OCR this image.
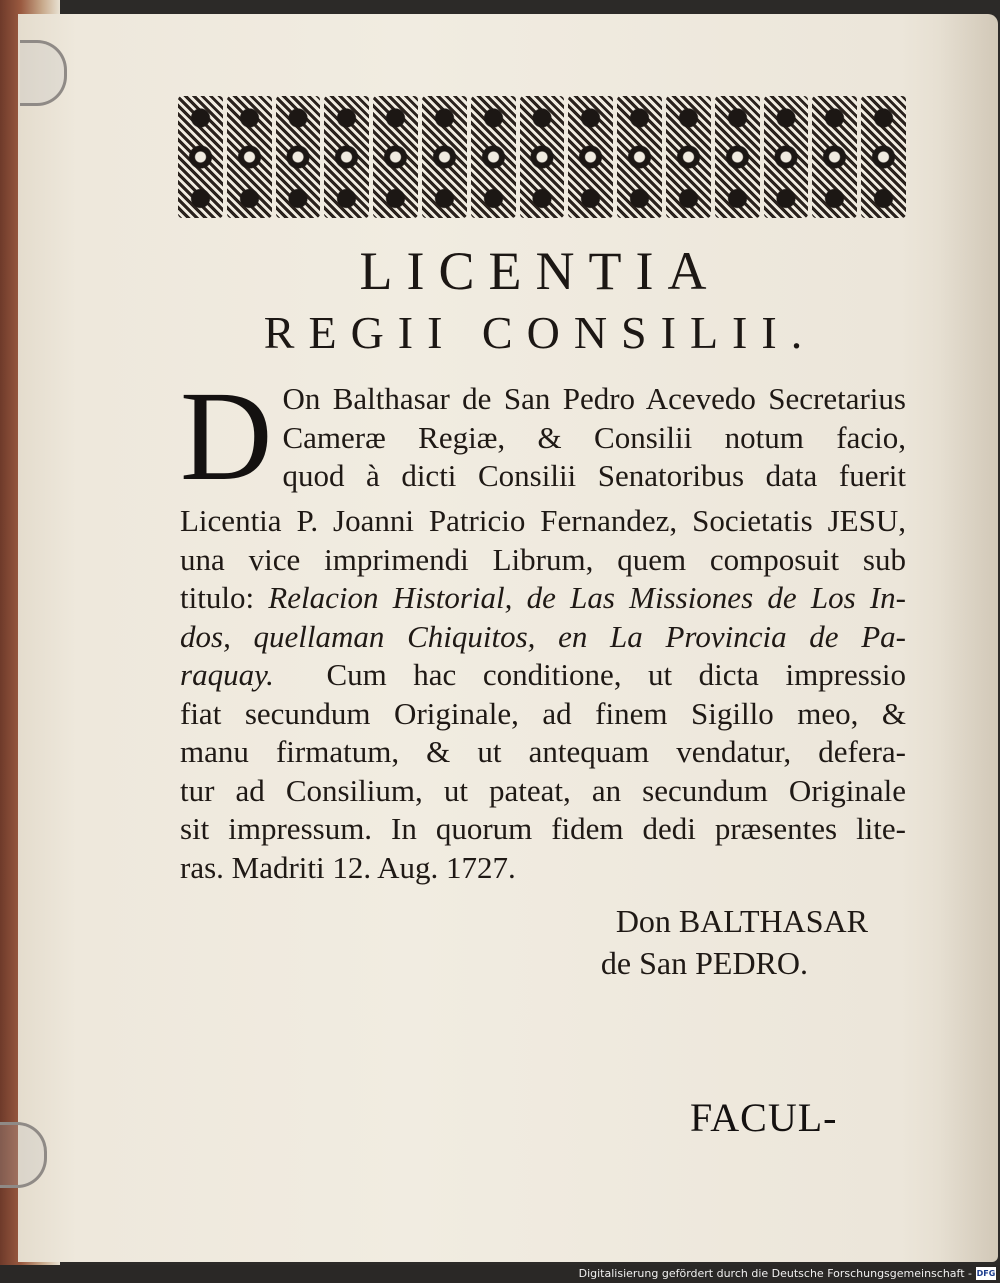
LICENTIA
REGII CONSILII.
D On Balthasar de San Pedro Acevedo Secretarius
Cameræ Regiæ, & Consilii notum facio,
quod à dicti Consilii Senatoribus data fuerit
Licentia P. Joanni Patricio Fernandez, Societatis JESU,
una vice imprimendi Librum, quem composuit sub
titulo: Relacion Historial, de Las Missiones de Los In-
dos, quellaman Chiquitos, en La Provincia de Pa-
raquay. Cum hac conditione, ut dicta impressio
fiat secundum Originale, ad finem Sigillo meo, &
manu firmatum, & ut antequam vendatur, defera-
tur ad Consilium, ut pateat, an secundum Originale
sit impressum. In quorum fidem dedi præsentes lite-
ras. Madriti 12. Aug. 1727.
Don BALTHASAR
de San PEDRO.
FACUL-
Digitalisierung gefördert durch die Deutsche Forschungsgemeinschaft - DFG
